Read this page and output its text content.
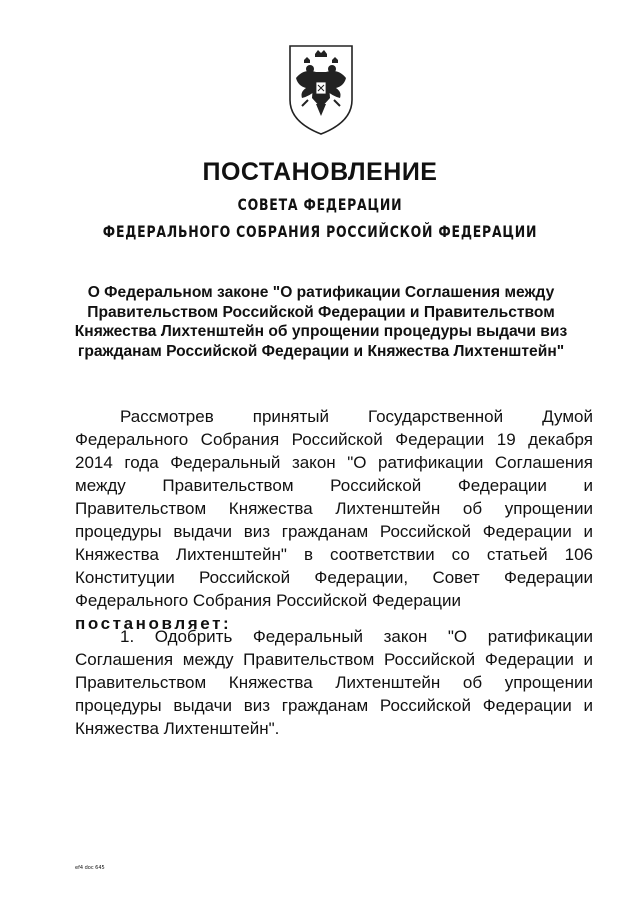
ПОСТАНОВЛЕНИЕ
СОВЕТА ФЕДЕРАЦИИ
ФЕДЕРАЛЬНОГО СОБРАНИЯ РОССИЙСКОЙ ФЕДЕРАЦИИ
О Федеральном законе "О ратификации Соглашения между Правительством Российской Федерации и Правительством Княжества Лихтенштейн об упрощении процедуры выдачи виз гражданам Российской Федерации и Княжества Лихтенштейн"
Рассмотрев принятый Государственной Думой Федерального Собрания Российской Федерации 19 декабря 2014 года Федеральный закон "О ратификации Соглашения между Правительством Российской Федерации и Правительством Княжества Лихтенштейн об упрощении процедуры выдачи виз гражданам Российской Федерации и Княжества Лихтенштейн" в соответствии со статьей 106 Конституции Российской Федерации, Совет Федерации Федерального Собрания Российской Федерации
постановляет:
1. Одобрить Федеральный закон "О ратификации Соглашения между Правительством Российской Федерации и Правительством Княжества Лихтенштейн об упрощении процедуры выдачи виз гражданам Российской Федерации и Княжества Лихтенштейн".
ef4 doc 645
